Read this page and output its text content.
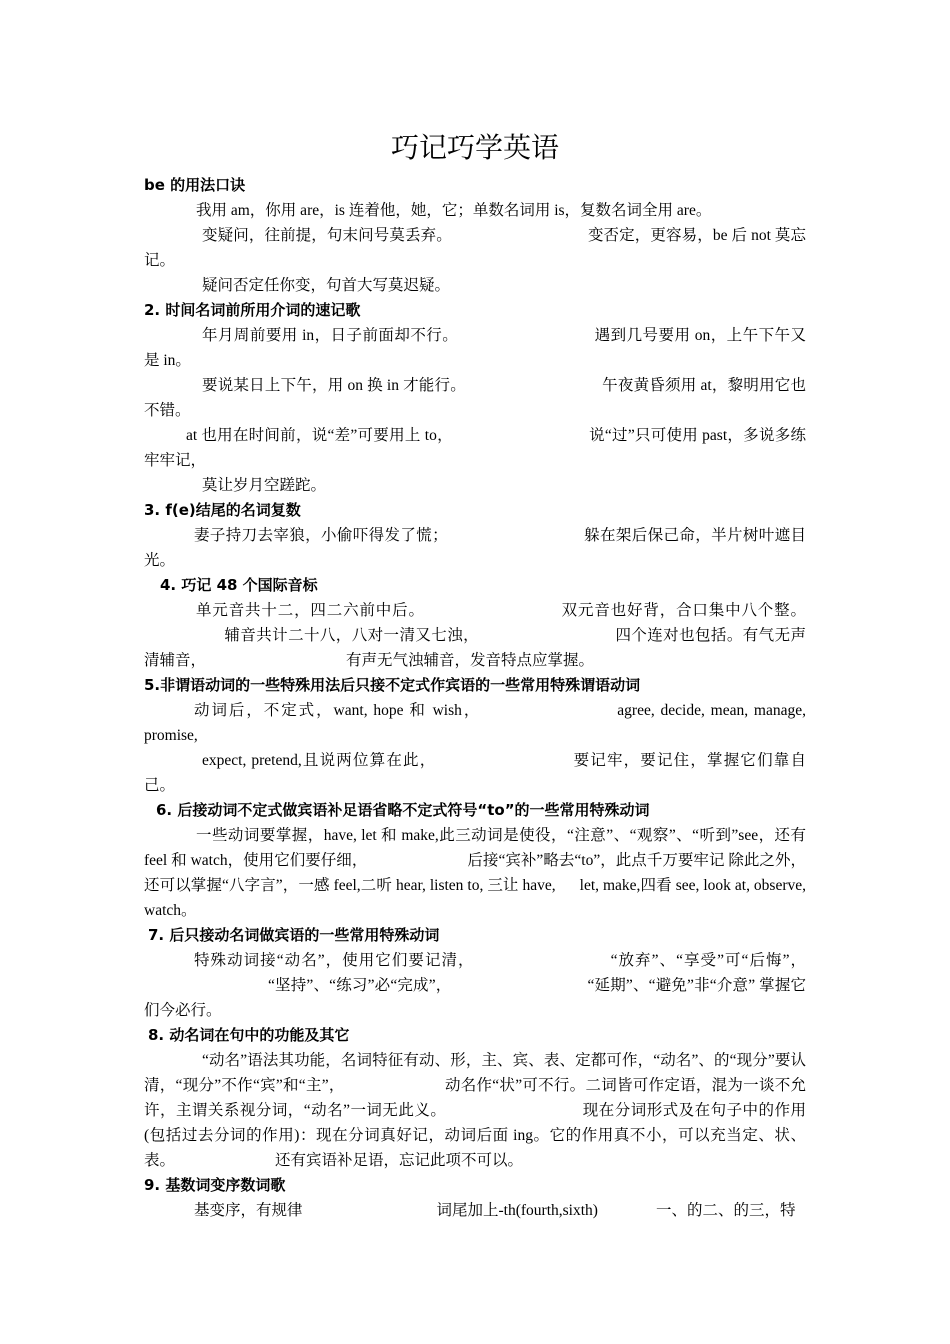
巧记巧学英语
be 的用法口诀
我用 am，你用 are，is 连着他，她，它；单数名词用 is，复数名词全用 are。
变疑问，往前提，句末问号莫丢弃。	变否定，更容易，be 后 not 莫忘记。
疑问否定任你变，句首大写莫迟疑。
2. 时间名词前所用介词的速记歌
年月周前要用 in，日子前面却不行。	遇到几号要用 on，上午下午又是 in。
要说某日上下午，用 on 换 in 才能行。	午夜黄昏须用 at，黎明用它也不错。
at 也用在时间前，说“差”可要用上 to，	说“过”只可使用 past，多说多练牢牢记，
莫让岁月空蹉跎。
3. f(e)结尾的名词复数
妻子持刀去宰狼，小偷吓得发了慌；	躲在架后保己命，半片树叶遮目光。
4. 巧记 48 个国际音标
单元音共十二，四二六前中后。	双元音也好背，合口集中八个整。辅音共计二十八，八对一清又七浊，	四个连对也包括。有气无声清辅音，	有声无气浊辅音，发音特点应掌握。
5.非谓语动词的一些特殊用法后只接不定式作宾语的一些常用特殊谓语动词
动词后，不定式，want, hope 和 wish，	agree, decide, mean, manage, promise,
expect, pretend,且说两位算在此，	要记牢，要记住，掌握它们靠自己。
6. 后接动词不定式做宾语补足语省略不定式符号“to”的一些常用特殊动词
一些动词要掌握，have, let 和 make,此三动词是使役，“注意”、“观察”、“听到”see，还有 feel 和 watch，使用它们要仔细，	后接“宾补”略去“to”，此点千万要牢记 除此之外，还可以掌握“八字言”，一感 feel,二听 hear, listen to, 三让 have, let, make,四看 see, look at, observe, watch。
7. 后只接动名词做宾语的一些常用特殊动词
特殊动词接“动名”，使用它们要记清，	“放弃”、“享受”可“后悔”，“坚持”、“练习”必“完成”，	“延期”、“避免”非“介意” 掌握它们今必行。
8. 动名词在句中的功能及其它
“动名”语法其功能，名词特征有动、形，主、宾、表、定都可作，“动名”、的“现分”要认清，“现分”不作“宾”和“主”，	动名作“状”可不行。二词皆可作定语，混为一谈不允许，主谓关系视分词，“动名”一词无此义。	现在分词形式及在句子中的作用(包括过去分词的作用)：现在分词真好记，动词后面 ing。它的作用真不小，可以充当定、状、表。	还有宾语补足语，忘记此项不可以。
9. 基数词变序数词歌
基变序，有规律	词尾加上-th(fourth,sixth)	一、的二、的三，特
